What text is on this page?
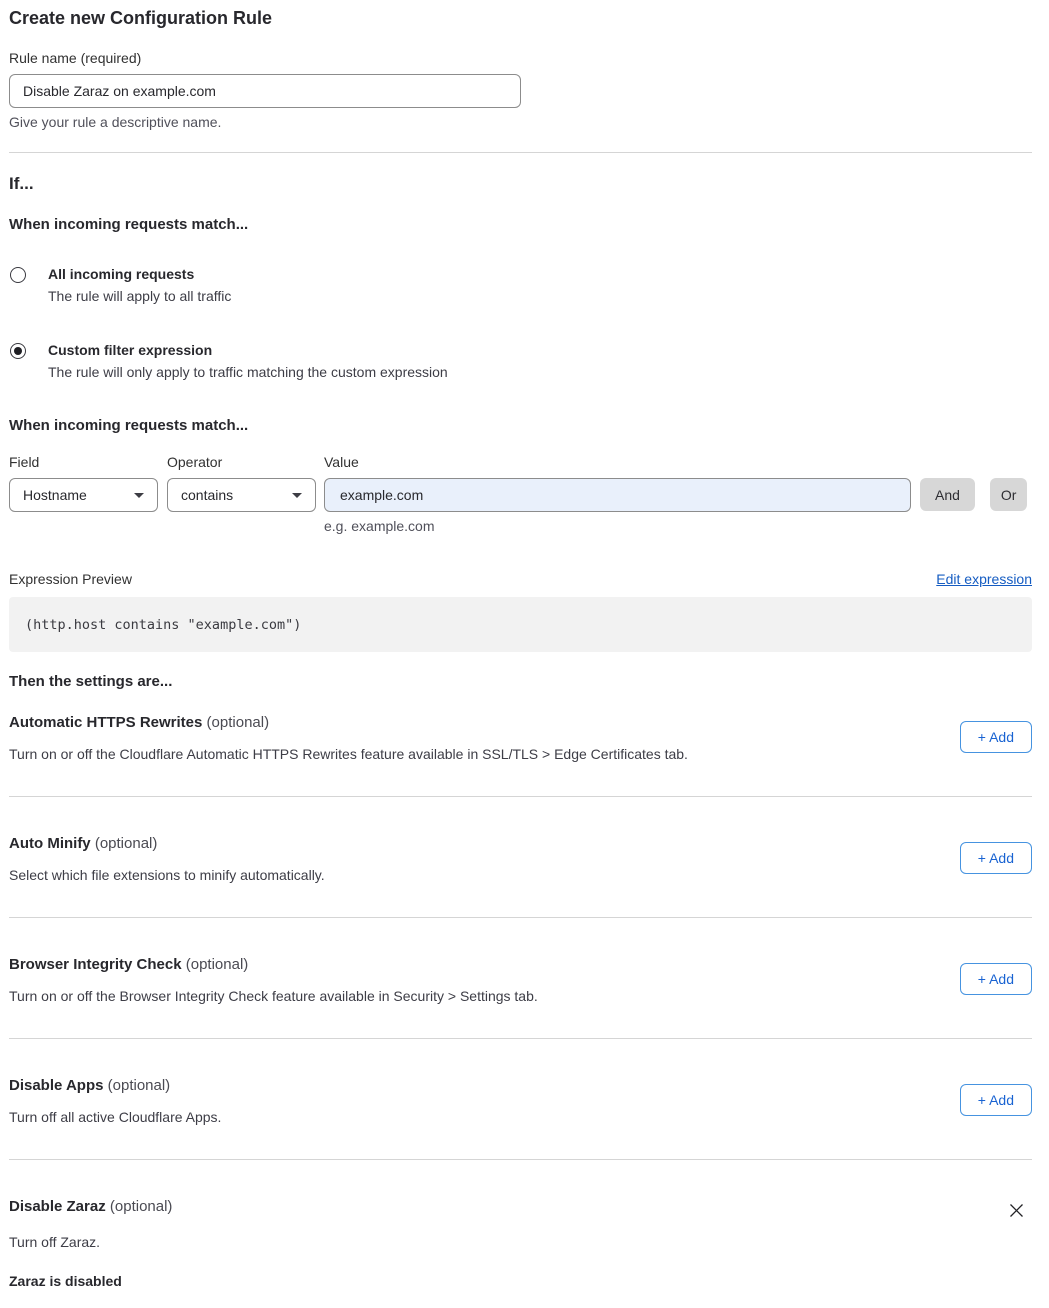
Create new Configuration Rule
Rule name (required)
Disable Zaraz on example.com
Give your rule a descriptive name.
If...
When incoming requests match...
All incoming requests
The rule will apply to all traffic
Custom filter expression
The rule will only apply to traffic matching the custom expression
When incoming requests match...
Field
Hostname
Operator
contains
Value
example.com
e.g. example.com
And	Or
Expression Preview	Edit expression
(http.host contains "example.com")
Then the settings are...
Automatic HTTPS Rewrites (optional)
Turn on or off the Cloudflare Automatic HTTPS Rewrites feature available in SSL/TLS > Edge Certificates tab.
+ Add
Auto Minify (optional)
Select which file extensions to minify automatically.
+ Add
Browser Integrity Check (optional)
Turn on or off the Browser Integrity Check feature available in Security > Settings tab.
+ Add
Disable Apps (optional)
Turn off all active Cloudflare Apps.
+ Add
Disable Zaraz (optional)
Turn off Zaraz.
Zaraz is disabled
